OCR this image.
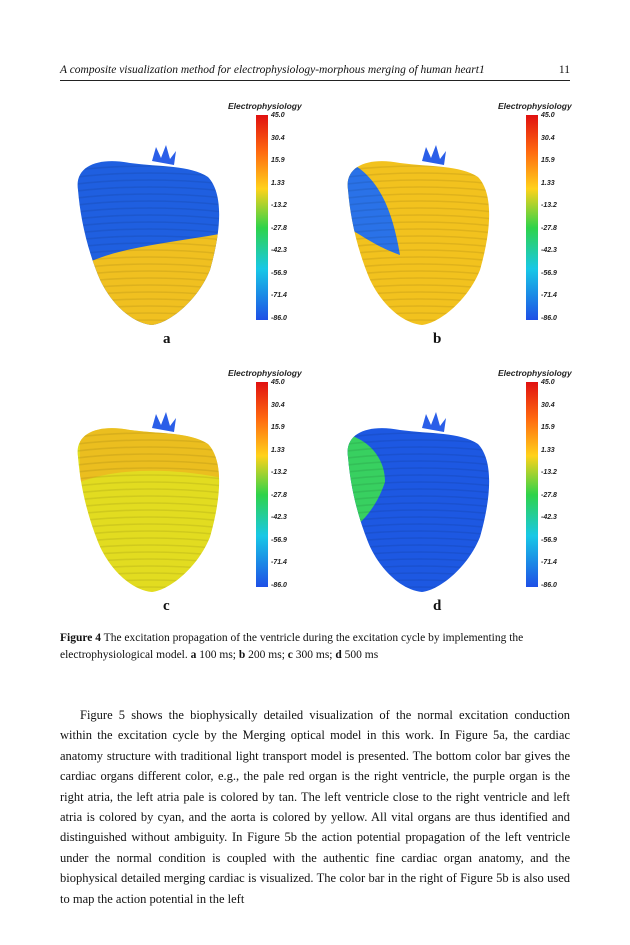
A composite visualization method for electrophysiology-morphous merging of human heart1	11
Electrophysiology
45.0
30.4
15.9
1.33
-13.2
-27.8
-42.3
-56.9
-71.4
-86.0
a
Electrophysiology
45.0
30.4
15.9
1.33
-13.2
-27.8
-42.3
-56.9
-71.4
-86.0
b
Electrophysiology
45.0
30.4
15.9
1.33
-13.2
-27.8
-42.3
-56.9
-71.4
-86.0
c
Electrophysiology
45.0
30.4
15.9
1.33
-13.2
-27.8
-42.3
-56.9
-71.4
-86.0
d
Figure 4 The excitation propagation of the ventricle during the excitation cycle by implementing the electrophysiological model. a 100 ms; b 200 ms; c 300 ms; d 500 ms

Figure 5 shows the biophysically detailed visualization of the normal excitation conduction within the excitation cycle by the Merging optical model in this work. In Figure 5a, the cardiac anatomy structure with traditional light transport model is presented. The bottom color bar gives the cardiac organs different color, e.g., the pale red organ is the right ventricle, the purple organ is the right atria, the left atria pale is colored by tan. The left ventricle close to the right ventricle and left atria is colored by cyan, and the aorta is colored by yellow. All vital organs are thus identified and distinguished without ambiguity. In Figure 5b the action potential propagation of the left ventricle under the normal condition is coupled with the authentic fine cardiac organ anatomy, and the biophysical detailed merging cardiac is visualized. The color bar in the right of Figure 5b is also used to map the action potential in the left
